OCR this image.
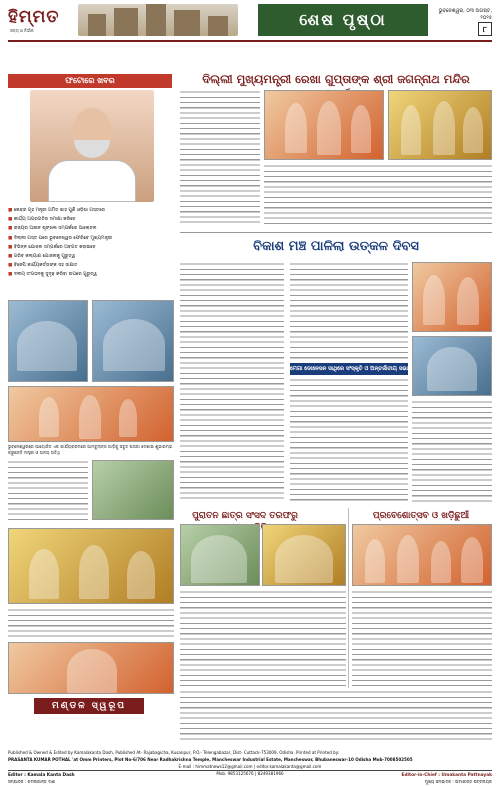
ହିମ୍ମତ
ସତ୍ୟ ଓ ନିର୍ଭୀକ
ଶେଷ ପୃଷ୍ଠା	ଭୁବନେଶ୍ୱର, ୦୩ ଅଗଷ୍ଟ, ୨୦୨୫
୮
ଫଟୋରେ ଖବର
■ କେନ୍ଦ୍ର ଗୃହ ମନ୍ତ୍ରୀ ଅମିତ ଶାହ ପୁଣି ଓଡ଼ିଶା ଗସ୍ତରେ
■ କାର୍ଯ୍ୟ ଅଗ୍ରଗତିର ସମୀକ୍ଷା କରିବେ
■ ରାଜ୍ୟର ଆଇନ ଶୃଙ୍ଖଳା ସମ୍ପର୍କରେ ଆଲୋଚନା
■ ଦିଲ୍ଲୀ ଗସ୍ତ ପରେ ଭୁବନେଶ୍ୱର ଫେରିବେ ମୁଖ୍ୟମନ୍ତ୍ରୀ
■ ବିଭିନ୍ନ ଯୋଜନା ସମ୍ପର୍କରେ ଅବଗତ କରାଇବେ
■ ଗରିବ କଲ୍ୟାଣ ଯୋଜନାକୁ ଗୁରୁତ୍ୱ
■ ବିଜେପି କାର୍ଯ୍ୟକର୍ତ୍ତାଙ୍କ ସହ ସାକ୍ଷାତ
■ ଦଳୀୟ ସଂଗଠନକୁ ସୁଦୃଢ଼ କରିବା ଉପରେ ଗୁରୁତ୍ୱ
ଭୁବନେଶ୍ୱରରେ ଆୟୋଜିତ ଏକ କାର୍ଯ୍ୟକ୍ରମରେ ଆମ୍ବୁଲାନ୍ସ ଗାଡ଼ିକୁ ସବୁଜ ପତାକା ଦେଖାଇ ଶୁଭାରମ୍ଭ କରୁଛନ୍ତି ମନ୍ତ୍ରୀ ଓ ଅନ୍ୟ ଅତିଥି
ମଣ୍ଡଳ ସ୍ୱରୂପ
ଦିଲ୍ଲୀ ମୁଖ୍ୟମନ୍ତ୍ରୀ ରେଖା ଗୁପ୍ତାଙ୍କ ଶ୍ରୀ ଜଗନ୍ନାଥ ମନ୍ଦିର
ବିକାଶ ମଞ୍ଚ ପାଳିଲା ଉତ୍କଳ ଦିବସ
ମେଗା ଡୋନେସନ ସାଥିରେ ସଂସ୍କୃତି ଓ ଅନ୍ତର୍ଜାତୀୟ ସଭା
ପୁରାତନ ଛାତ୍ର ସଂସଦ ତରଫରୁ	ପ୍ରବେଶୋତ୍ସବ ଓ ଖଡ଼ିଛୁଆଁ

Published & Owned & Edited by Kamalakanta Dash, Published At- Rajabagicha, Kusanpur, P.O.- Telengabazar, Dist- Cuttack-753009, Odisha. Printed at Printed by:

PRASANTA KUMAR POTHAL 'at Omm Printers, Plot No-6/706 Near Radhakrishna Temple, Mancheswar Industrial Estate, Mancheswar, Bhubaneswar-10 Odisha Mob-7008502505

E-mail : himmatnews12@gmail.com | editor.kamalakanta@gmail.com

Mob. 9853125676 | 8249381966

Editor : Kamala Kanta Dash
ସମ୍ପାଦକ : କମଳାକାନ୍ତ ଦାଶ
Editor-in-Chief : Umakanta Pattnayak
ମୁଖ୍ୟ ସମ୍ପାଦକ : ଉମାକାନ୍ତ ପଟ୍ଟନାୟକ
